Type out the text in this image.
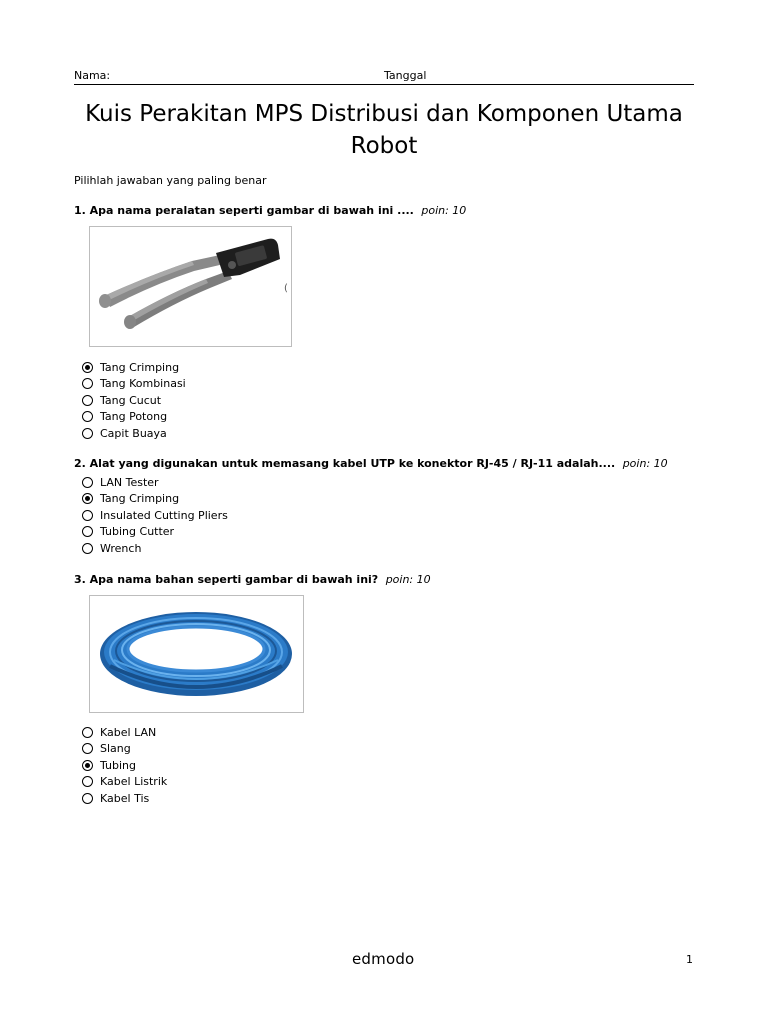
Nama:	Tanggal
Kuis Perakitan MPS Distribusi dan Komponen Utama Robot
Pilihlah jawaban yang paling benar
1. Apa nama peralatan seperti gambar di bawah ini .... poin: 10
(
Tang Crimping
Tang Kombinasi
Tang Cucut
Tang Potong
Capit Buaya
2. Alat yang digunakan untuk memasang kabel UTP ke konektor RJ-45 / RJ-11 adalah.... poin: 10
LAN Tester
Tang Crimping
Insulated Cutting Pliers
Tubing Cutter
Wrench
3. Apa nama bahan seperti gambar di bawah ini? poin: 10
Kabel LAN
Slang
Tubing
Kabel Listrik
Kabel Tis
edmodo	1
